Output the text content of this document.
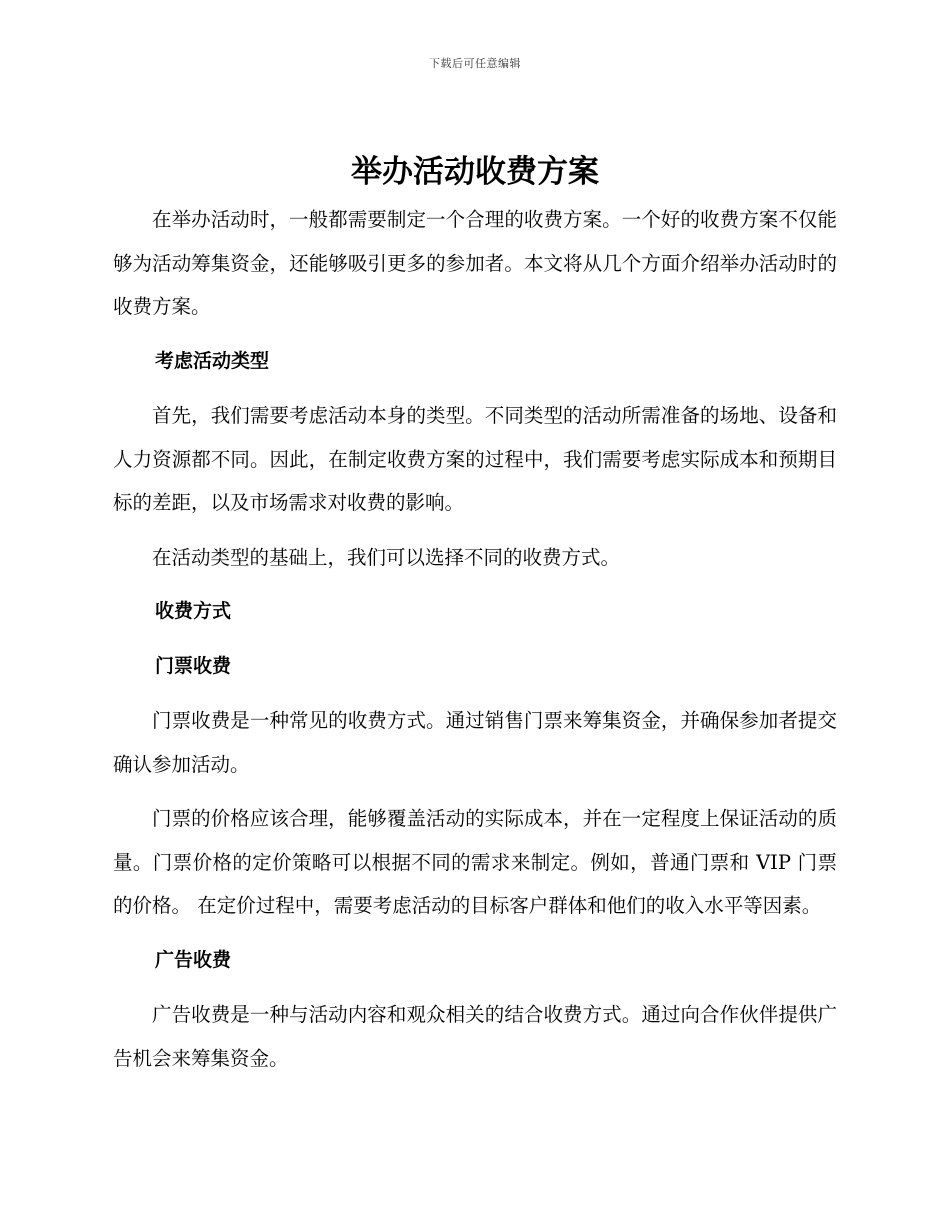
下载后可任意编辑
举办活动收费方案

在举办活动时，一般都需要制定一个合理的收费方案。一个好的收费方案不仅能够为活动筹集资金，还能够吸引更多的参加者。本文将从几个方面介绍举办活动时的收费方案。

考虑活动类型

首先，我们需要考虑活动本身的类型。不同类型的活动所需准备的场地、设备和人力资源都不同。因此，在制定收费方案的过程中，我们需要考虑实际成本和预期目标的差距，以及市场需求对收费的影响。

在活动类型的基础上，我们可以选择不同的收费方式。

收费方式
门票收费

门票收费是一种常见的收费方式。通过销售门票来筹集资金，并确保参加者提交确认参加活动。

门票的价格应该合理，能够覆盖活动的实际成本，并在一定程度上保证活动的质量。门票价格的定价策略可以根据不同的需求来制定。例如，普通门票和 VIP 门票的价格。 在定价过程中，需要考虑活动的目标客户群体和他们的收入水平等因素。

广告收费

广告收费是一种与活动内容和观众相关的结合收费方式。通过向合作伙伴提供广告机会来筹集资金。
